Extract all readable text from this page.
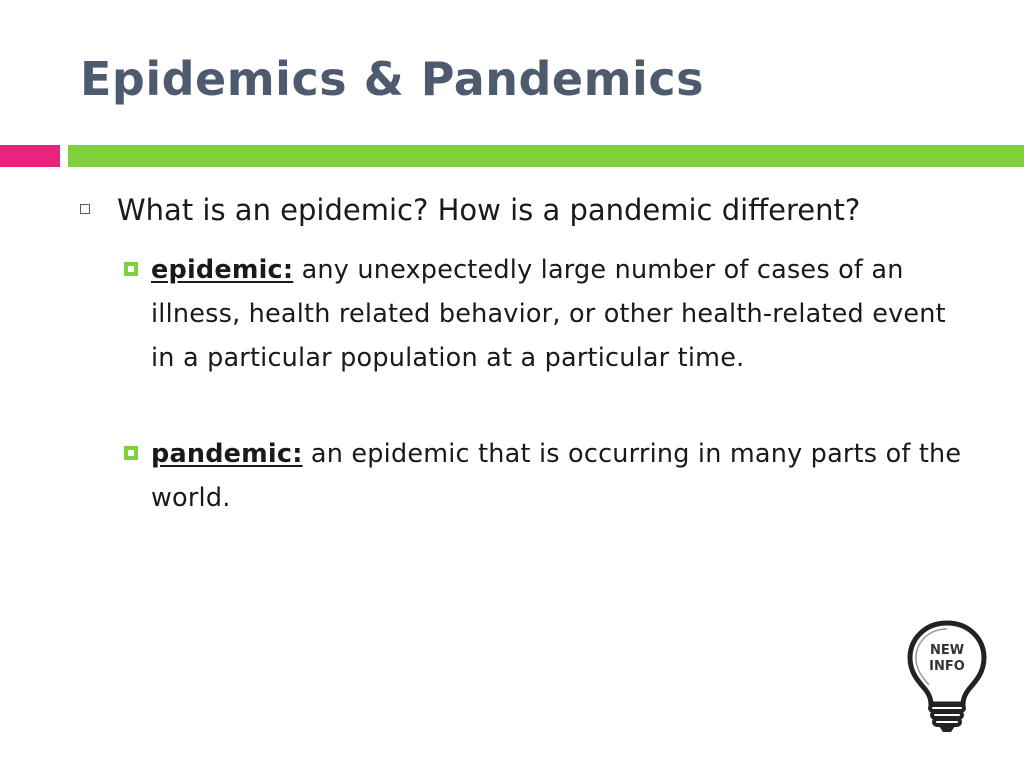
Epidemics & Pandemics
What is an epidemic? How is a pandemic different?
epidemic: any unexpectedly large number of cases of an illness, health related behavior, or other health-related event in a particular population at a particular time.
pandemic: an epidemic that is occurring in many parts of the world.
NEW
INFO
